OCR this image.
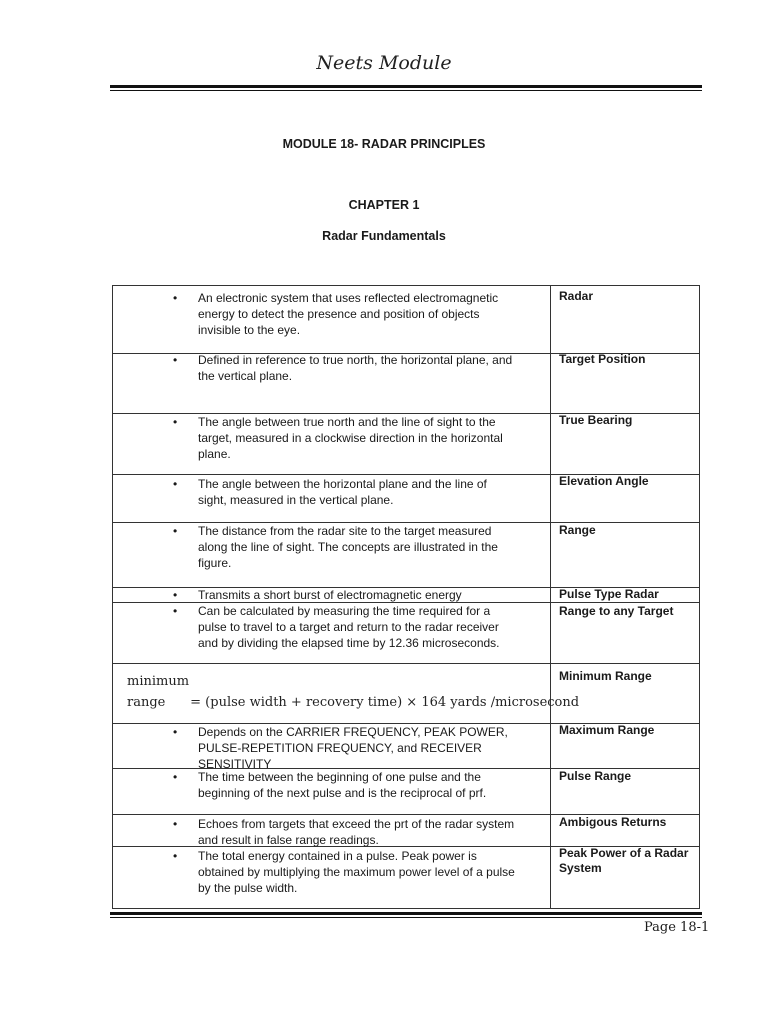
Neets Module
MODULE 18- RADAR PRINCIPLES
CHAPTER 1
Radar Fundamentals
• An electronic system that uses reflected electromagnetic energy to detect the presence and position of objects invisible to the eye.
Radar
• Defined in reference to true north, the horizontal plane, and the vertical plane.
Target Position
• The angle between true north and the line of sight to the target, measured in a clockwise direction in the horizontal plane.
True Bearing
• The angle between the horizontal plane and the line of sight, measured in the vertical plane.
Elevation Angle
• The distance from the radar site to the target measured along the line of sight. The concepts are illustrated in the figure.
Range
• Transmits a short burst of electromagnetic energy	Pulse Type Radar
• Can be calculated by measuring the time required for a pulse to travel to a target and return to the radar receiver and by dividing the elapsed time by 12.36 microseconds.
Range to any Target
minimum
range      = (pulse width + recovery time) × 164 yards /microsecond
Minimum Range
• Depends on the CARRIER FREQUENCY, PEAK POWER, PULSE-REPETITION FREQUENCY, and RECEIVER SENSITIVITY
Maximum Range
• The time between the beginning of one pulse and the beginning of the next pulse and is the reciprocal of prf.
Pulse Range
• Echoes from targets that exceed the prt of the radar system and result in false range readings.
Ambigous Returns
• The total energy contained in a pulse. Peak power is obtained by multiplying the maximum power level of a pulse by the pulse width.
Peak Power of a Radar System
Page 18-1
